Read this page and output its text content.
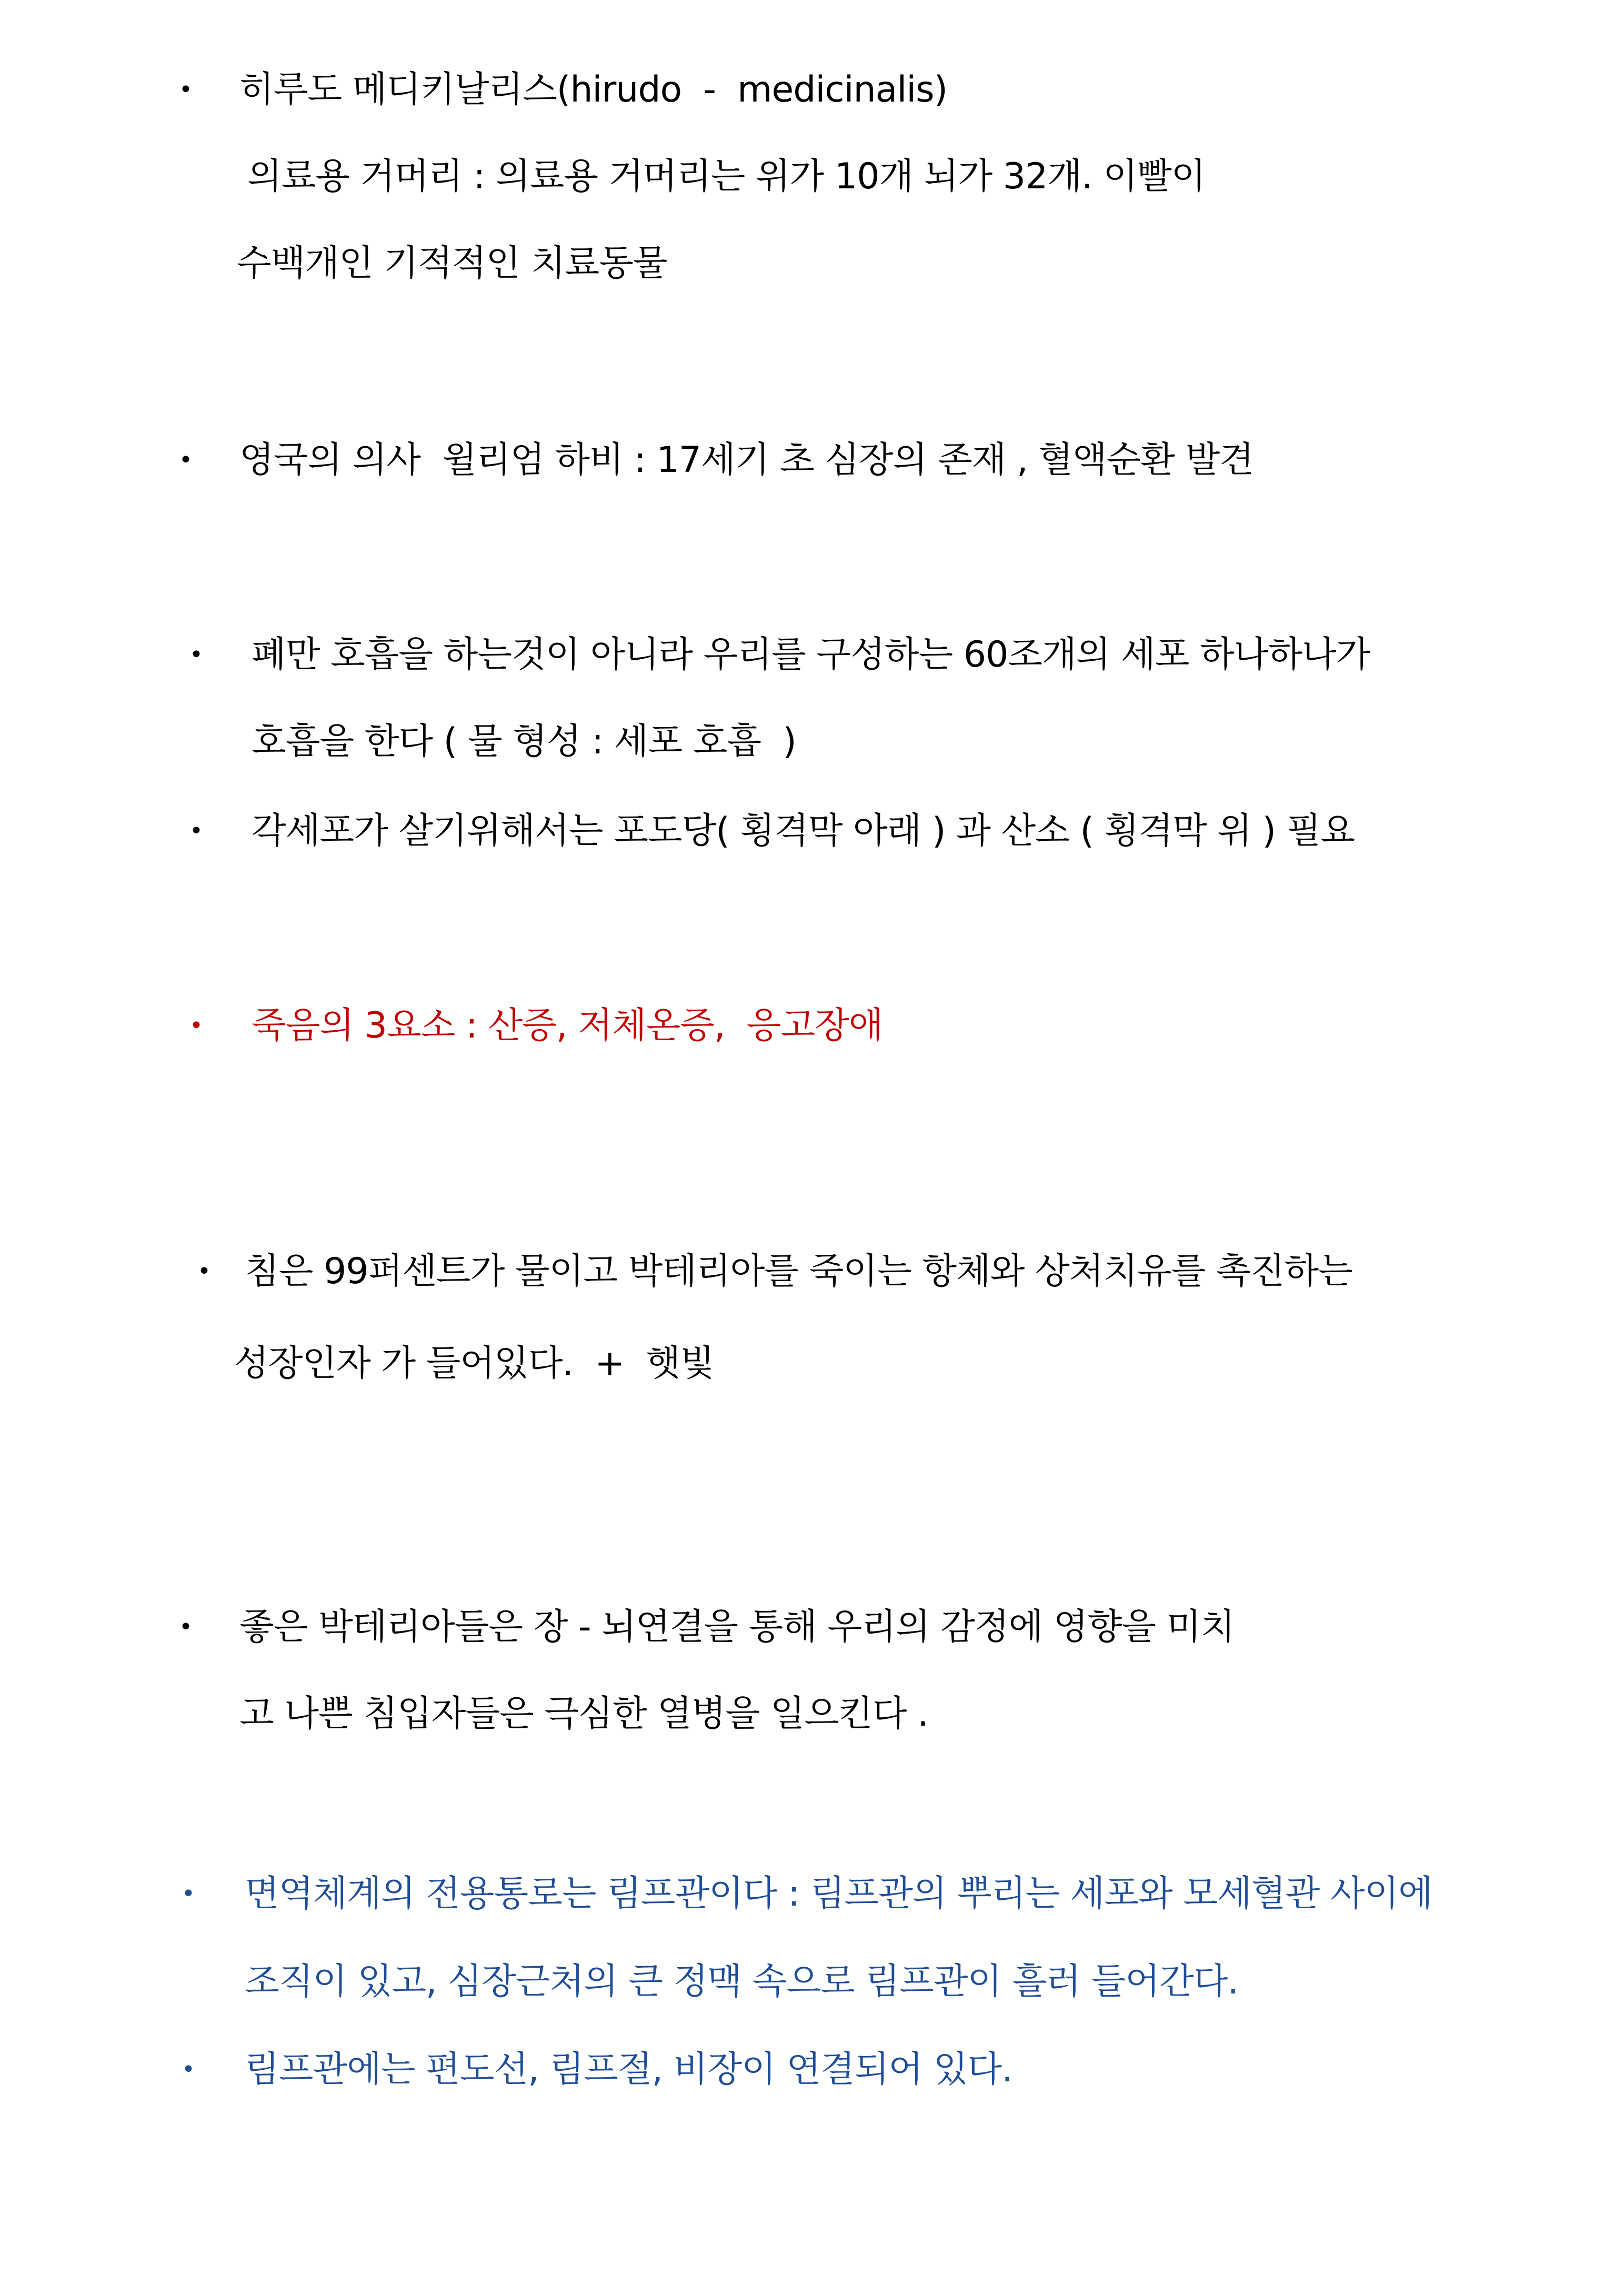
• 히루도 메디키날리스(hirudo  -  medicinalis)
의료용 거머리 : 의료용 거머리는 위가 10개 뇌가 32개. 이빨이
수백개인 기적적인 치료동물
• 영국의 의사  윌리엄 하비 : 17세기 초 심장의 존재 , 혈액순환 발견
• 폐만 호흡을 하는것이 아니라 우리를 구성하는 60조개의 세포 하나하나가
호흡을 한다 ( 물 형성 : 세포 호흡  )
• 각세포가 살기위해서는 포도당( 횡격막 아래 ) 과 산소 ( 횡격막 위 ) 필요
• 죽음의 3요소 : 산증, 저체온증,  응고장애
• 침은 99퍼센트가 물이고 박테리아를 죽이는 항체와 상처치유를 촉진하는
성장인자 가 들어있다.  +  햇빛
• 좋은 박테리아들은 장 - 뇌연결을 통해 우리의 감정에 영향을 미치
고 나쁜 침입자들은 극심한 열병을 일으킨다 .
• 면역체계의 전용통로는 림프관이다 : 림프관의 뿌리는 세포와 모세혈관 사이에
조직이 있고, 심장근처의 큰 정맥 속으로 림프관이 흘러 들어간다.
• 림프관에는 편도선, 림프절, 비장이 연결되어 있다.
